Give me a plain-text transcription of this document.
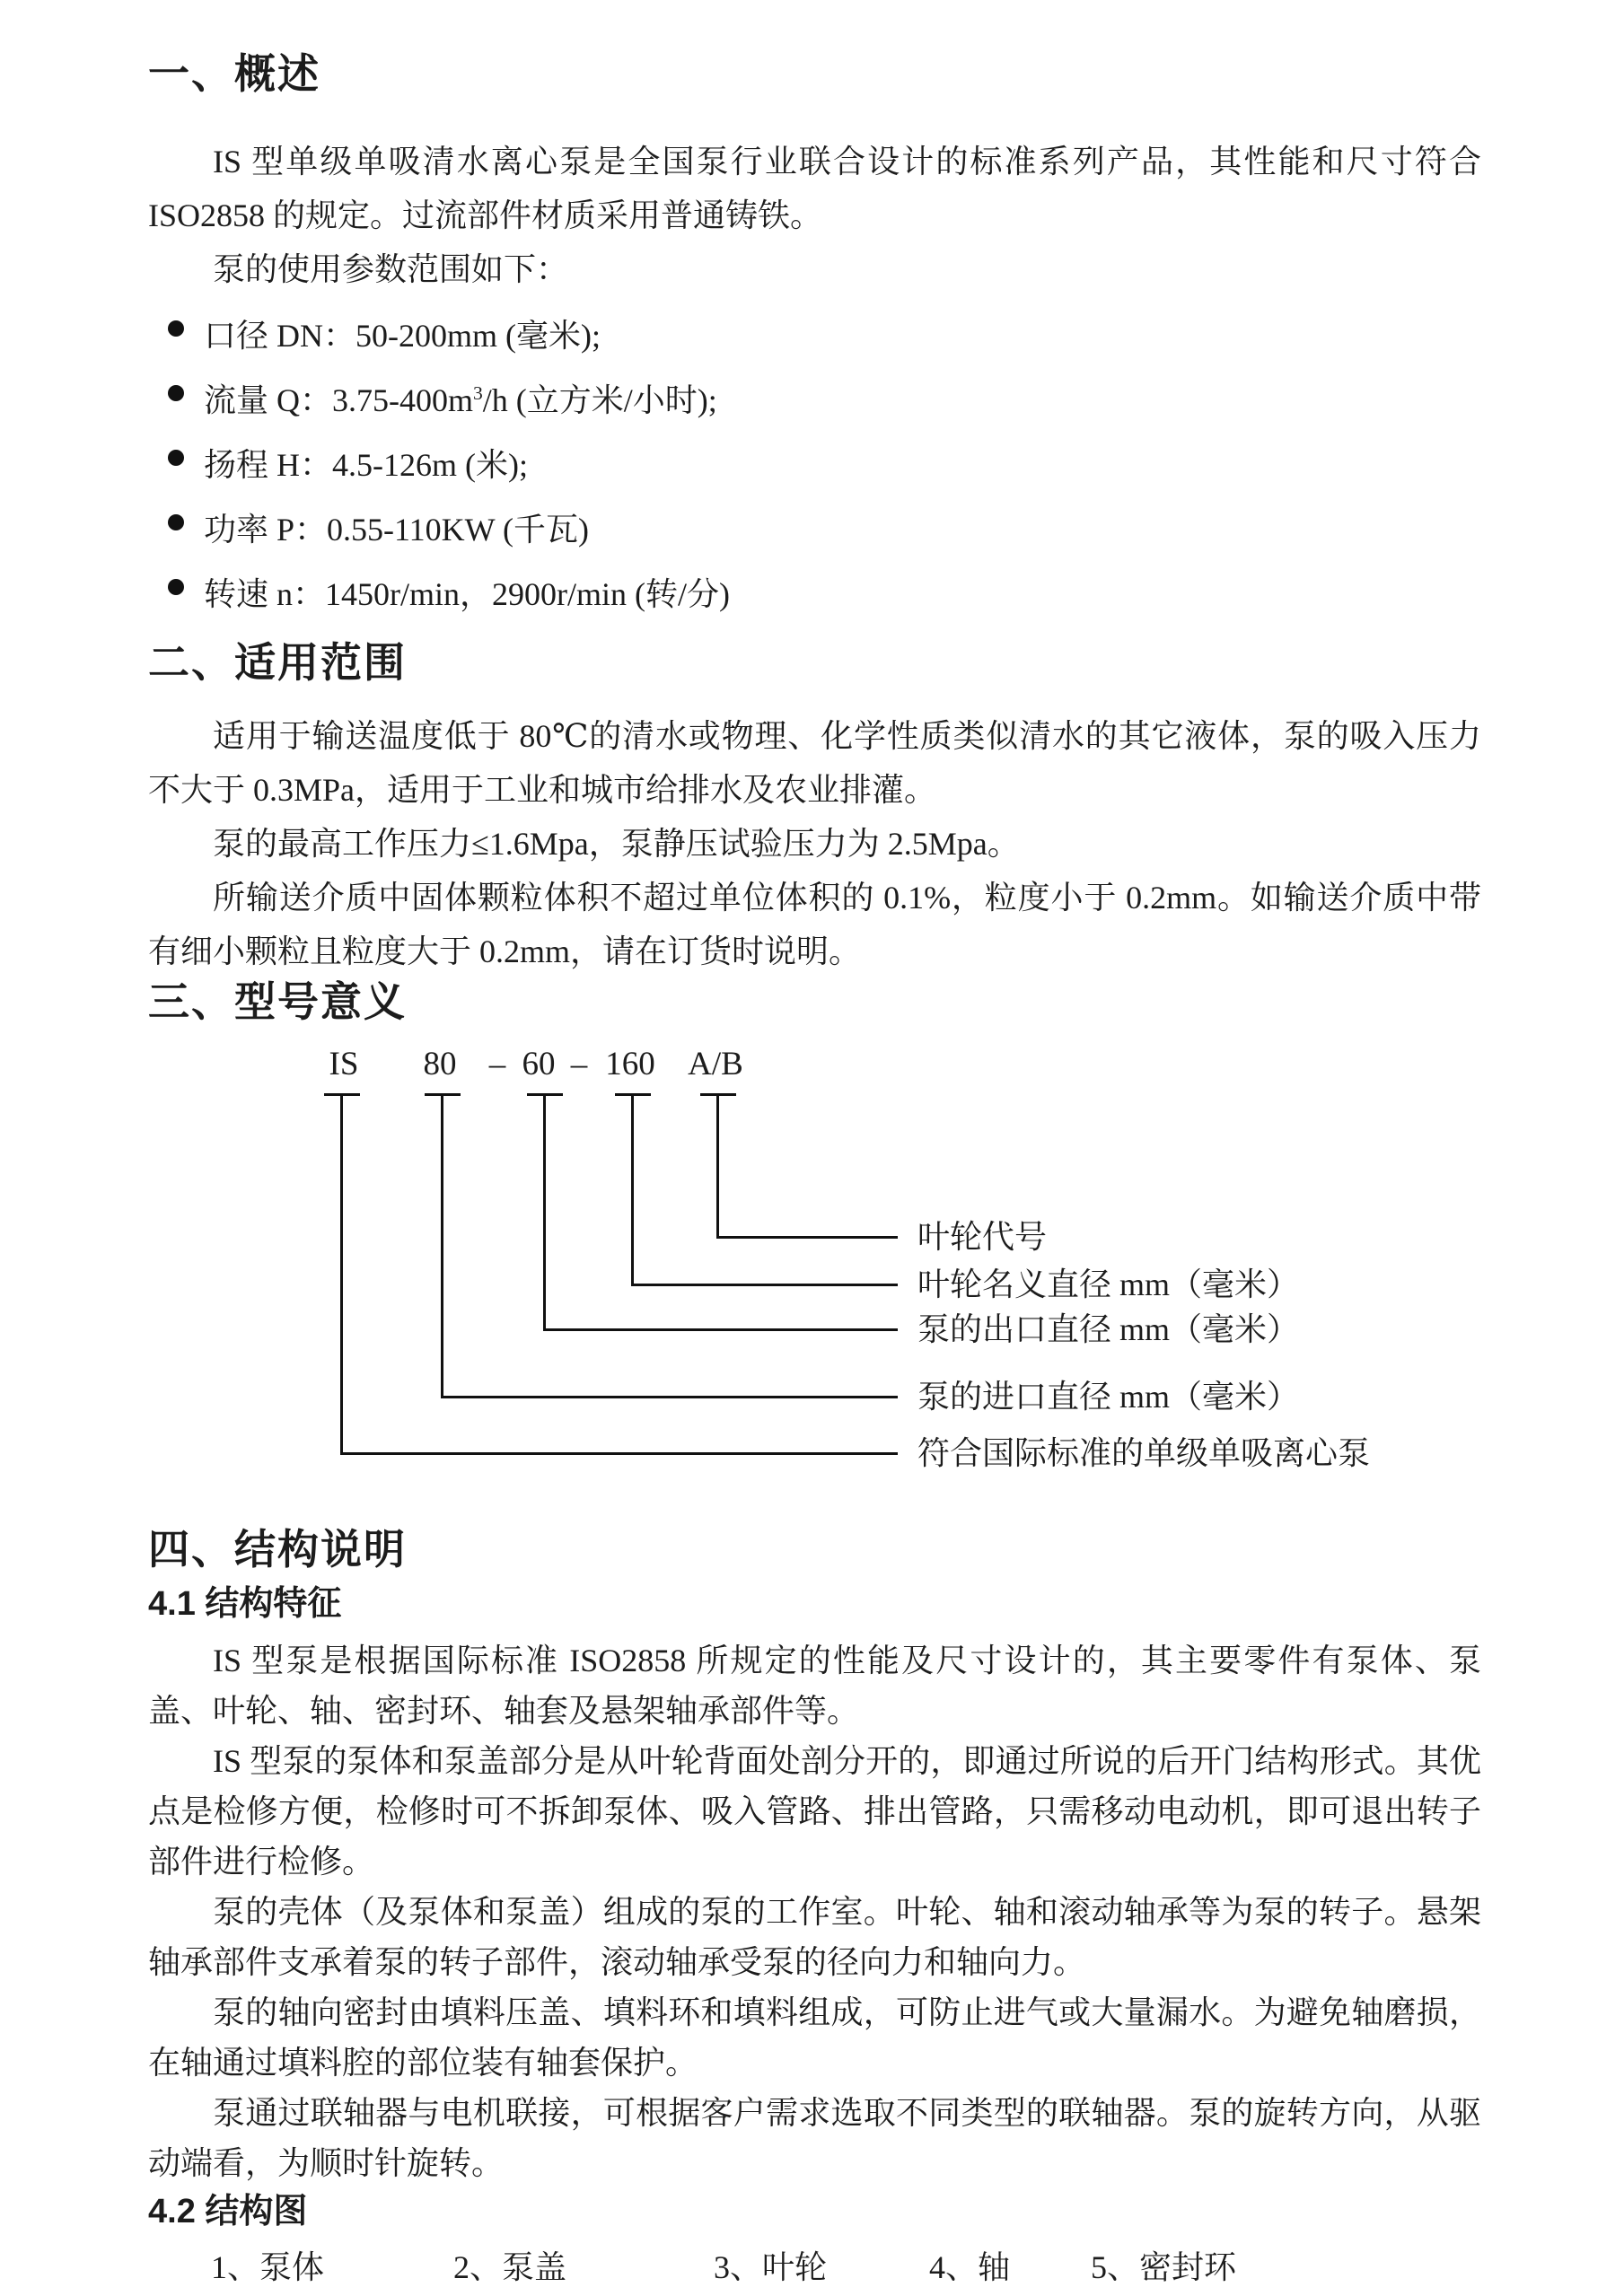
一、概述

IS 型单级单吸清水离心泵是全国泵行业联合设计的标准系列产品，其性能和尺寸符合 ISO2858 的规定。过流部件材质采用普通铸铁。

泵的使用参数范围如下：

口径 DN：50-200mm (毫米);
流量 Q：$3.75-400m^3/h$ (立方米/小时);
扬程 H：4.5-126m (米);
功率 P：0.55-110KW (千瓦)
转速 n：1450r/min，2900r/min (转/分)
二、适用范围

适用于输送温度低于 80℃的清水或物理、化学性质类似清水的其它液体，泵的吸入压力不大于 0.3MPa，适用于工业和城市给排水及农业排灌。

泵的最高工作压力≤1.6Mpa，泵静压试验压力为 2.5Mpa。

所输送介质中固体颗粒体积不超过单位体积的 0.1%，粒度小于 0.2mm。如输送介质中带有细小颗粒且粒度大于 0.2mm，请在订货时说明。

三、型号意义
IS 80 – 60 – 160 A/B
叶轮代号
叶轮名义直径 mm（毫米）
泵的出口直径 mm（毫米）
泵的进口直径 mm（毫米）
符合国际标准的单级单吸离心泵
四、结构说明
4.1 结构特征

IS 型泵是根据国际标准 ISO2858 所规定的性能及尺寸设计的，其主要零件有泵体、泵盖、叶轮、轴、密封环、轴套及悬架轴承部件等。

IS 型泵的泵体和泵盖部分是从叶轮背面处剖分开的，即通过所说的后开门结构形式。其优点是检修方便，检修时可不拆卸泵体、吸入管路、排出管路，只需移动电动机，即可退出转子部件进行检修。

泵的壳体（及泵体和泵盖）组成的泵的工作室。叶轮、轴和滚动轴承等为泵的转子。悬架轴承部件支承着泵的转子部件，滚动轴承受泵的径向力和轴向力。

泵的轴向密封由填料压盖、填料环和填料组成，可防止进气或大量漏水。为避免轴磨损，在轴通过填料腔的部位装有轴套保护。

泵通过联轴器与电机联接，可根据客户需求选取不同类型的联轴器。泵的旋转方向，从驱动端看，为顺时针旋转。

4.2 结构图
1、泵体	2、泵盖	3、叶轮	4、轴 5、密封环
